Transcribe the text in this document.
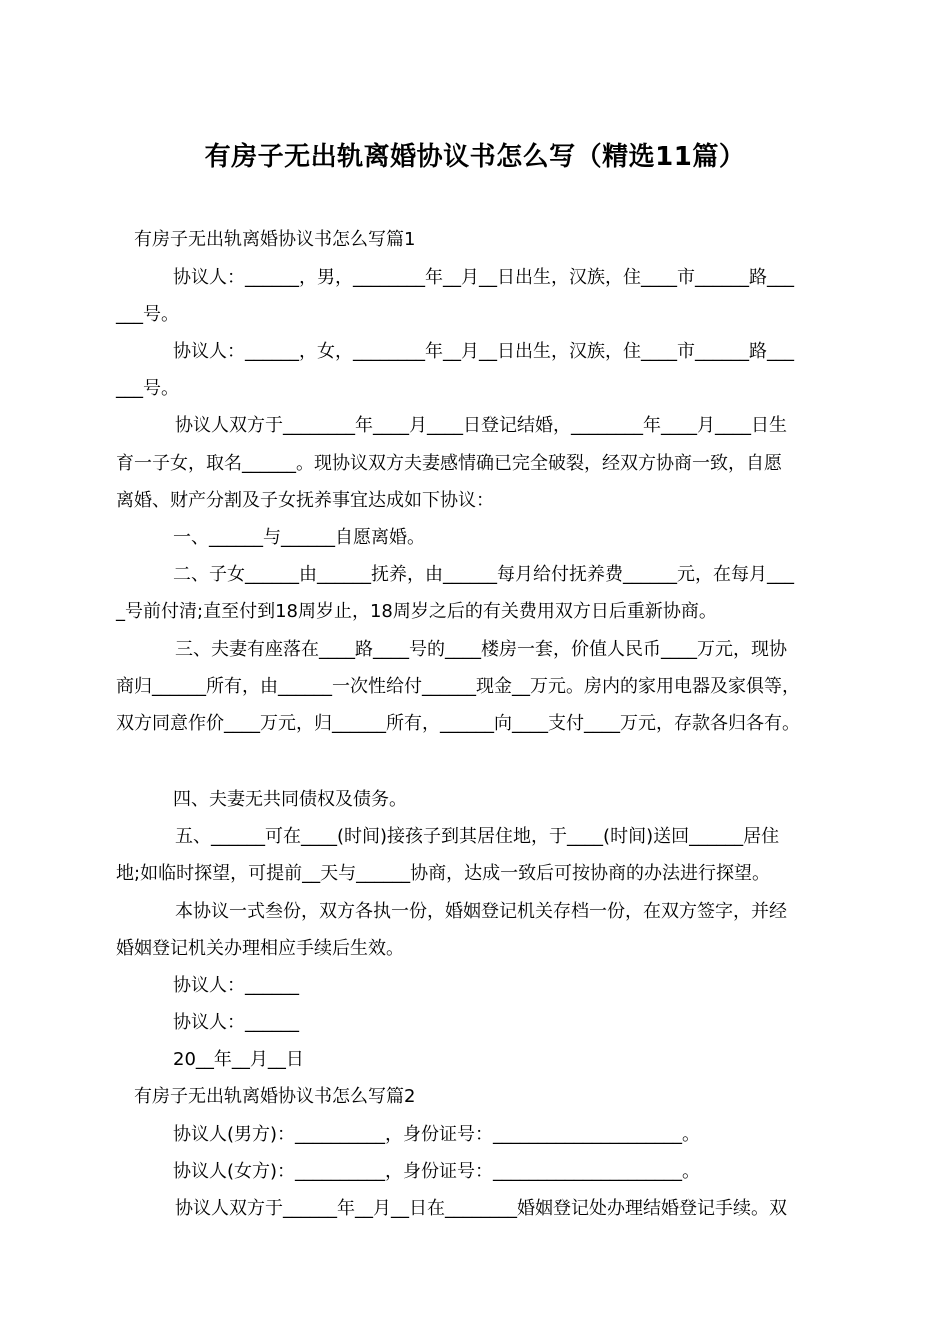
有房子无出轨离婚协议书怎么写（精选11篇）
有房子无出轨离婚协议书怎么写篇1
协议人：______，男，________年__月__日出生，汉族，住____市______路___
___号。
协议人：______，女，________年__月__日出生，汉族，住____市______路___
___号。
协议人双方于________年____月____日登记结婚，________年____月____日生
育一子女，取名______。现协议双方夫妻感情确已完全破裂，经双方协商一致，自愿
离婚、财产分割及子女抚养事宜达成如下协议：
一、______与______自愿离婚。
二、子女______由______抚养，由______每月给付抚养费______元，在每月___
_号前付清;直至付到18周岁止，18周岁之后的有关费用双方日后重新协商。
三、夫妻有座落在____路____号的____楼房一套，价值人民币____万元，现协
商归______所有，由______一次性给付______现金__万元。房内的家用电器及家俱等，
双方同意作价____万元，归______所有，______向____支付____万元，存款各归各有。
四、夫妻无共同债权及债务。
五、______可在____(时间)接孩子到其居住地，于____(时间)送回______居住
地;如临时探望，可提前__天与______协商，达成一致后可按协商的办法进行探望。
本协议一式叁份，双方各执一份，婚姻登记机关存档一份，在双方签字，并经
婚姻登记机关办理相应手续后生效。
协议人：______
协议人：______
20__年__月__日
有房子无出轨离婚协议书怎么写篇2
协议人(男方)：__________，身份证号：_____________________。
协议人(女方)：__________，身份证号：_____________________。
协议人双方于______年__月__日在________婚姻登记处办理结婚登记手续。双
